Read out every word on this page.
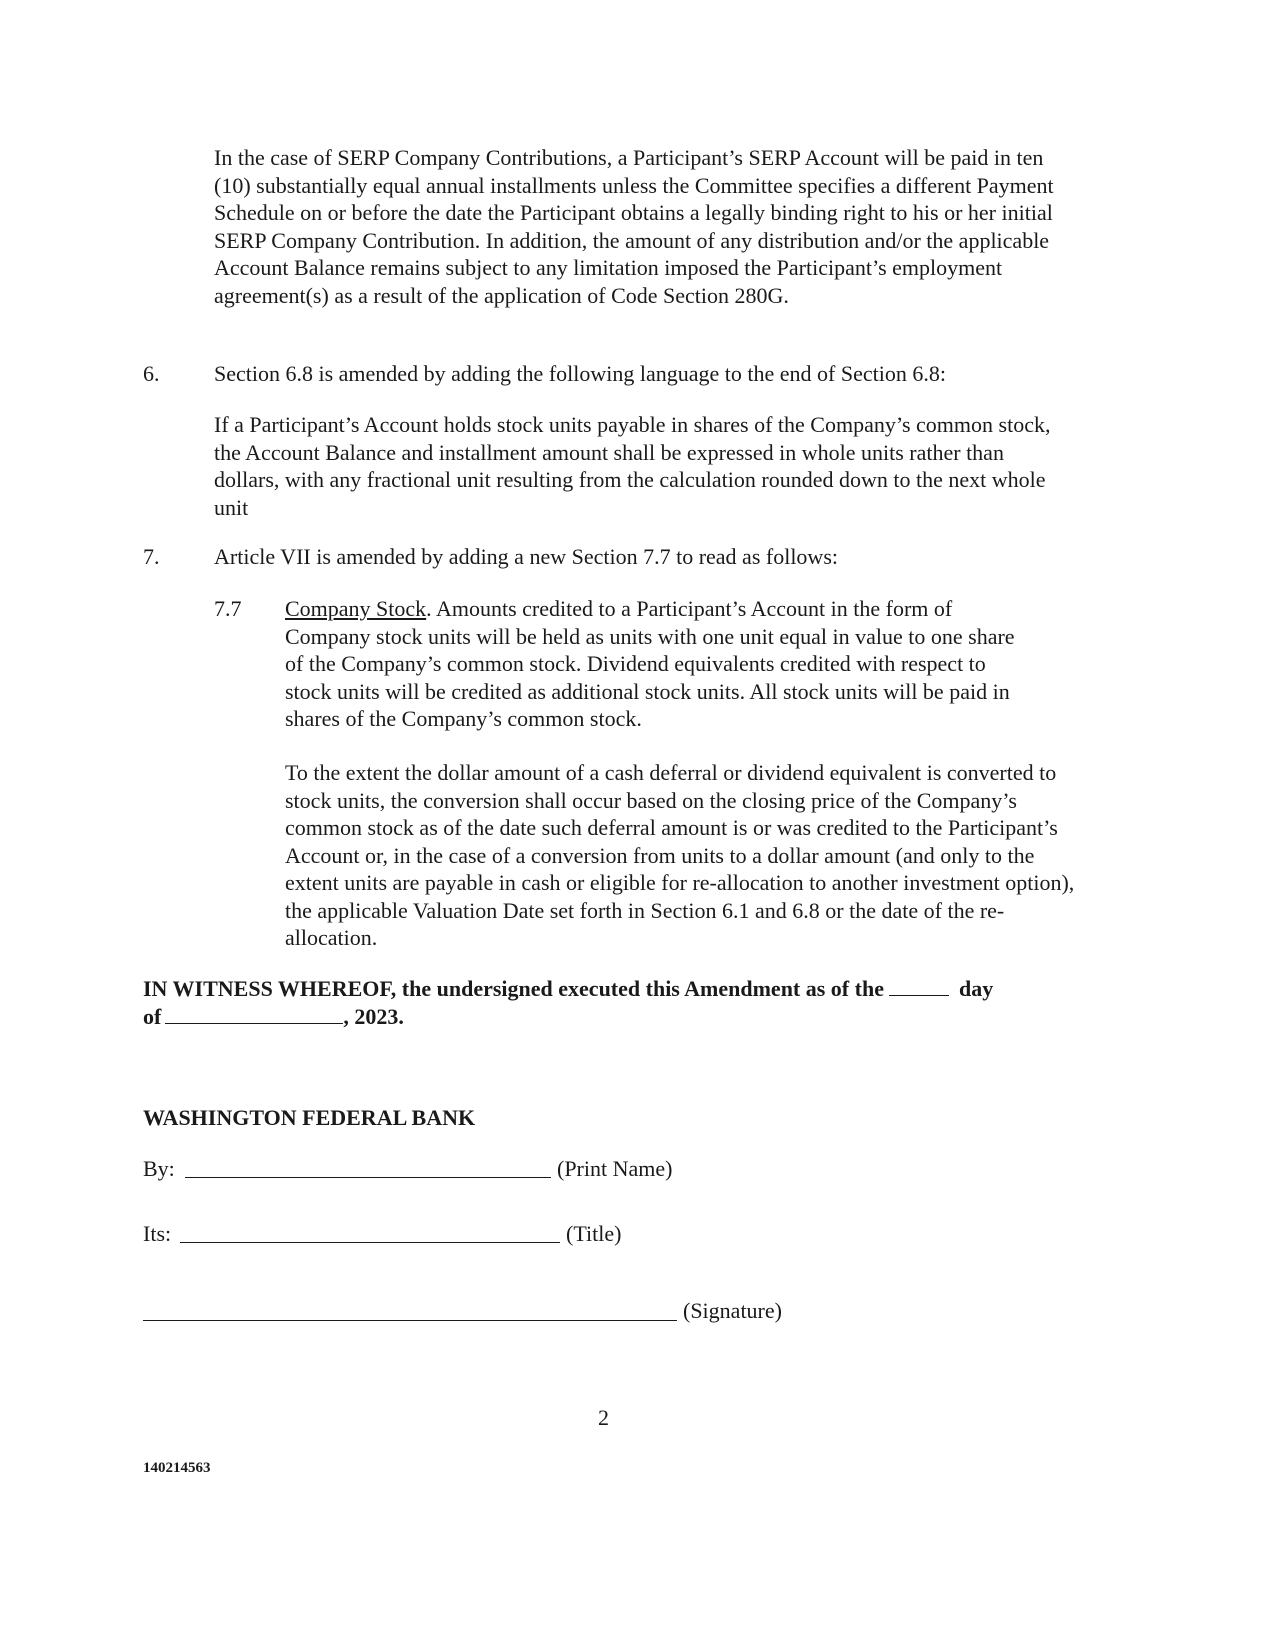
In the case of SERP Company Contributions, a Participant’s SERP Account will be paid in ten (10) substantially equal annual installments unless the Committee specifies a different Payment Schedule on or before the date the Participant obtains a legally binding right to his or her initial SERP Company Contribution. In addition, the amount of any distribution and/or the applicable Account Balance remains subject to any limitation imposed the Participant’s employment agreement(s) as a result of the application of Code Section 280G.

6. Section 6.8 is amended by adding the following language to the end of Section 6.8:

If a Participant’s Account holds stock units payable in shares of the Company’s common stock, the Account Balance and installment amount shall be expressed in whole units rather than dollars, with any fractional unit resulting from the calculation rounded down to the next whole unit

7. Article VII is amended by adding a new Section 7.7 to read as follows:
7.7 Company Stock. Amounts credited to a Participant’s Account in the form of Company stock units will be held as units with one unit equal in value to one share of the Company’s common stock. Dividend equivalents credited with respect to stock units will be credited as additional stock units. All stock units will be paid in shares of the Company’s common stock.

To the extent the dollar amount of a cash deferral or dividend equivalent is converted to stock units, the conversion shall occur based on the closing price of the Company’s common stock as of the date such deferral amount is or was credited to the Participant’s Account or, in the case of a conversion from units to a dollar amount (and only to the extent units are payable in cash or eligible for re-allocation to another investment option), the applicable Valuation Date set forth in Section 6.1 and 6.8 or the date of the re-allocation.

IN WITNESS WHEREOF, the undersigned executed this Amendment as of the	day
of	, 2023.
WASHINGTON FEDERAL BANK
By:	(Print Name)
Its:	(Title)
(Signature)
2
140214563
